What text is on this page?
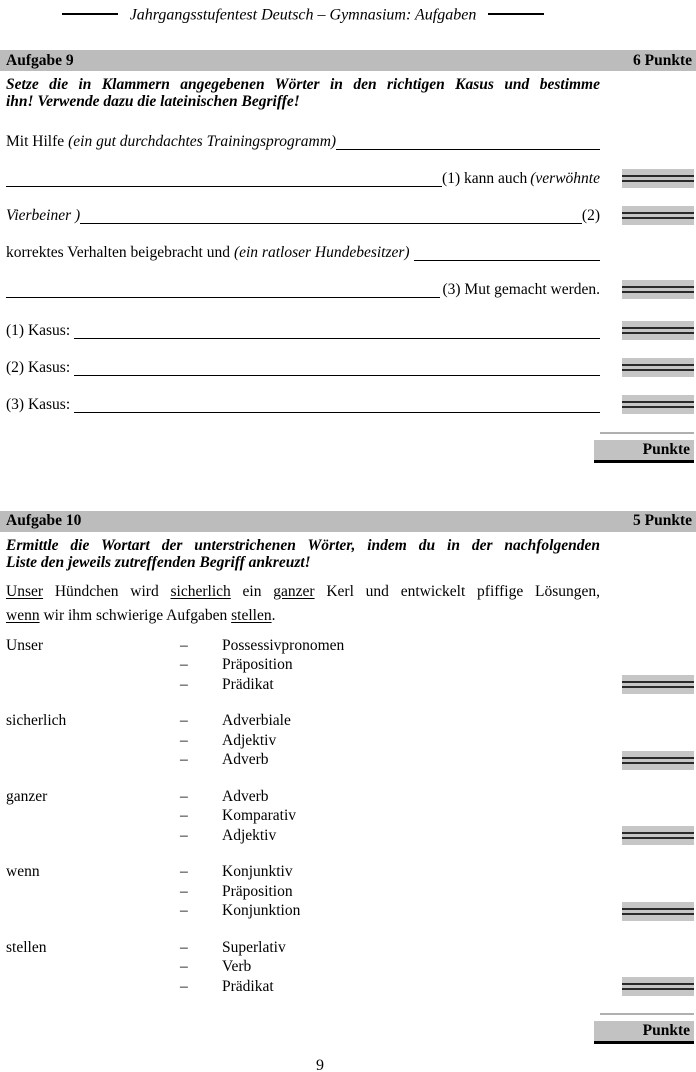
Jahrgangsstufentest Deutsch – Gymnasium: Aufgaben
Aufgabe 9	6 Punkte
Setze die in Klammern angegebenen Wörter in den richtigen Kasus und bestimme
ihn! Verwende dazu die lateinischen Begriffe!
Mit Hilfe (ein gut durchdachtes Trainingsprogramm)
(1) kann auch (verwöhnte
Vierbeiner )	(2)
korrektes Verhalten beigebracht und (ein ratloser Hundebesitzer)
(3) Mut gemacht werden.
(1) Kasus:
(2) Kasus:
(3) Kasus:
Punkte
Aufgabe 10	5 Punkte
Ermittle die Wortart der unterstrichenen Wörter, indem du in der nachfolgenden
Liste den jeweils zutreffenden Begriff ankreuzt!
Unser Hündchen wird sicherlich ein ganzer Kerl und entwickelt pfiffige Lösungen,
wenn wir ihm schwierige Aufgaben stellen.
Unser	–	Possessivpronomen
–	Präposition
–	Prädikat
sicherlich	–	Adverbiale
–	Adjektiv
–	Adverb
ganzer	–	Adverb
–	Komparativ
–	Adjektiv
wenn	–	Konjunktiv
–	Präposition
–	Konjunktion
stellen	–	Superlativ
–	Verb
–	Prädikat
Punkte
9
